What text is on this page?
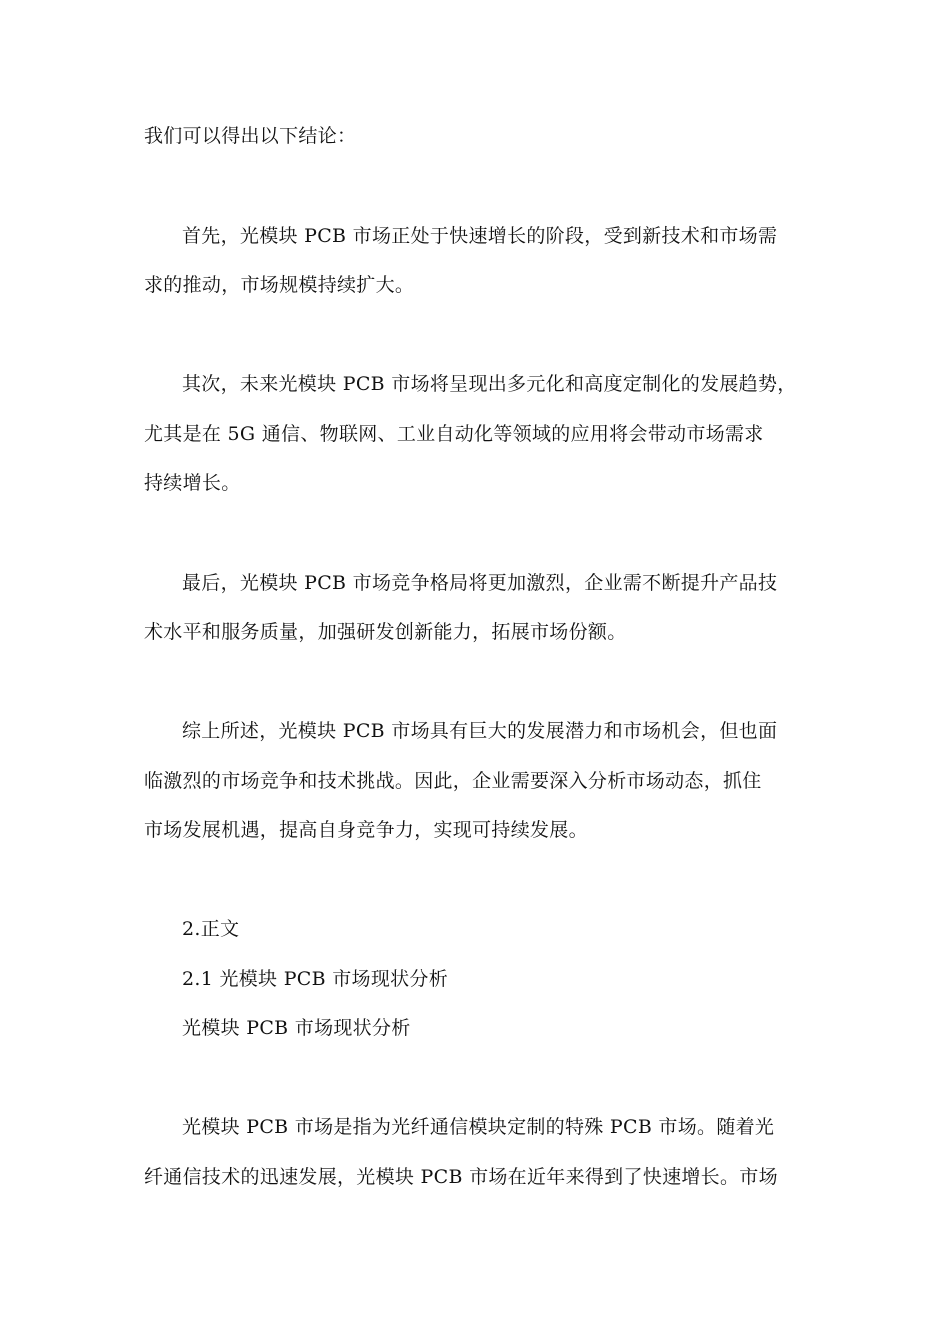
我们可以得出以下结论：
首先，光模块 PCB 市场正处于快速增长的阶段，受到新技术和市场需
求的推动，市场规模持续扩大。
其次，未来光模块 PCB 市场将呈现出多元化和高度定制化的发展趋势，
尤其是在 5G 通信、物联网、工业自动化等领域的应用将会带动市场需求
持续增长。
最后，光模块 PCB 市场竞争格局将更加激烈，企业需不断提升产品技
术水平和服务质量，加强研发创新能力，拓展市场份额。
综上所述，光模块 PCB 市场具有巨大的发展潜力和市场机会，但也面
临激烈的市场竞争和技术挑战。因此，企业需要深入分析市场动态，抓住
市场发展机遇，提高自身竞争力，实现可持续发展。
2.正文
2.1 光模块 PCB 市场现状分析
光模块 PCB 市场现状分析
光模块 PCB 市场是指为光纤通信模块定制的特殊 PCB 市场。随着光
纤通信技术的迅速发展，光模块 PCB 市场在近年来得到了快速增长。市场
